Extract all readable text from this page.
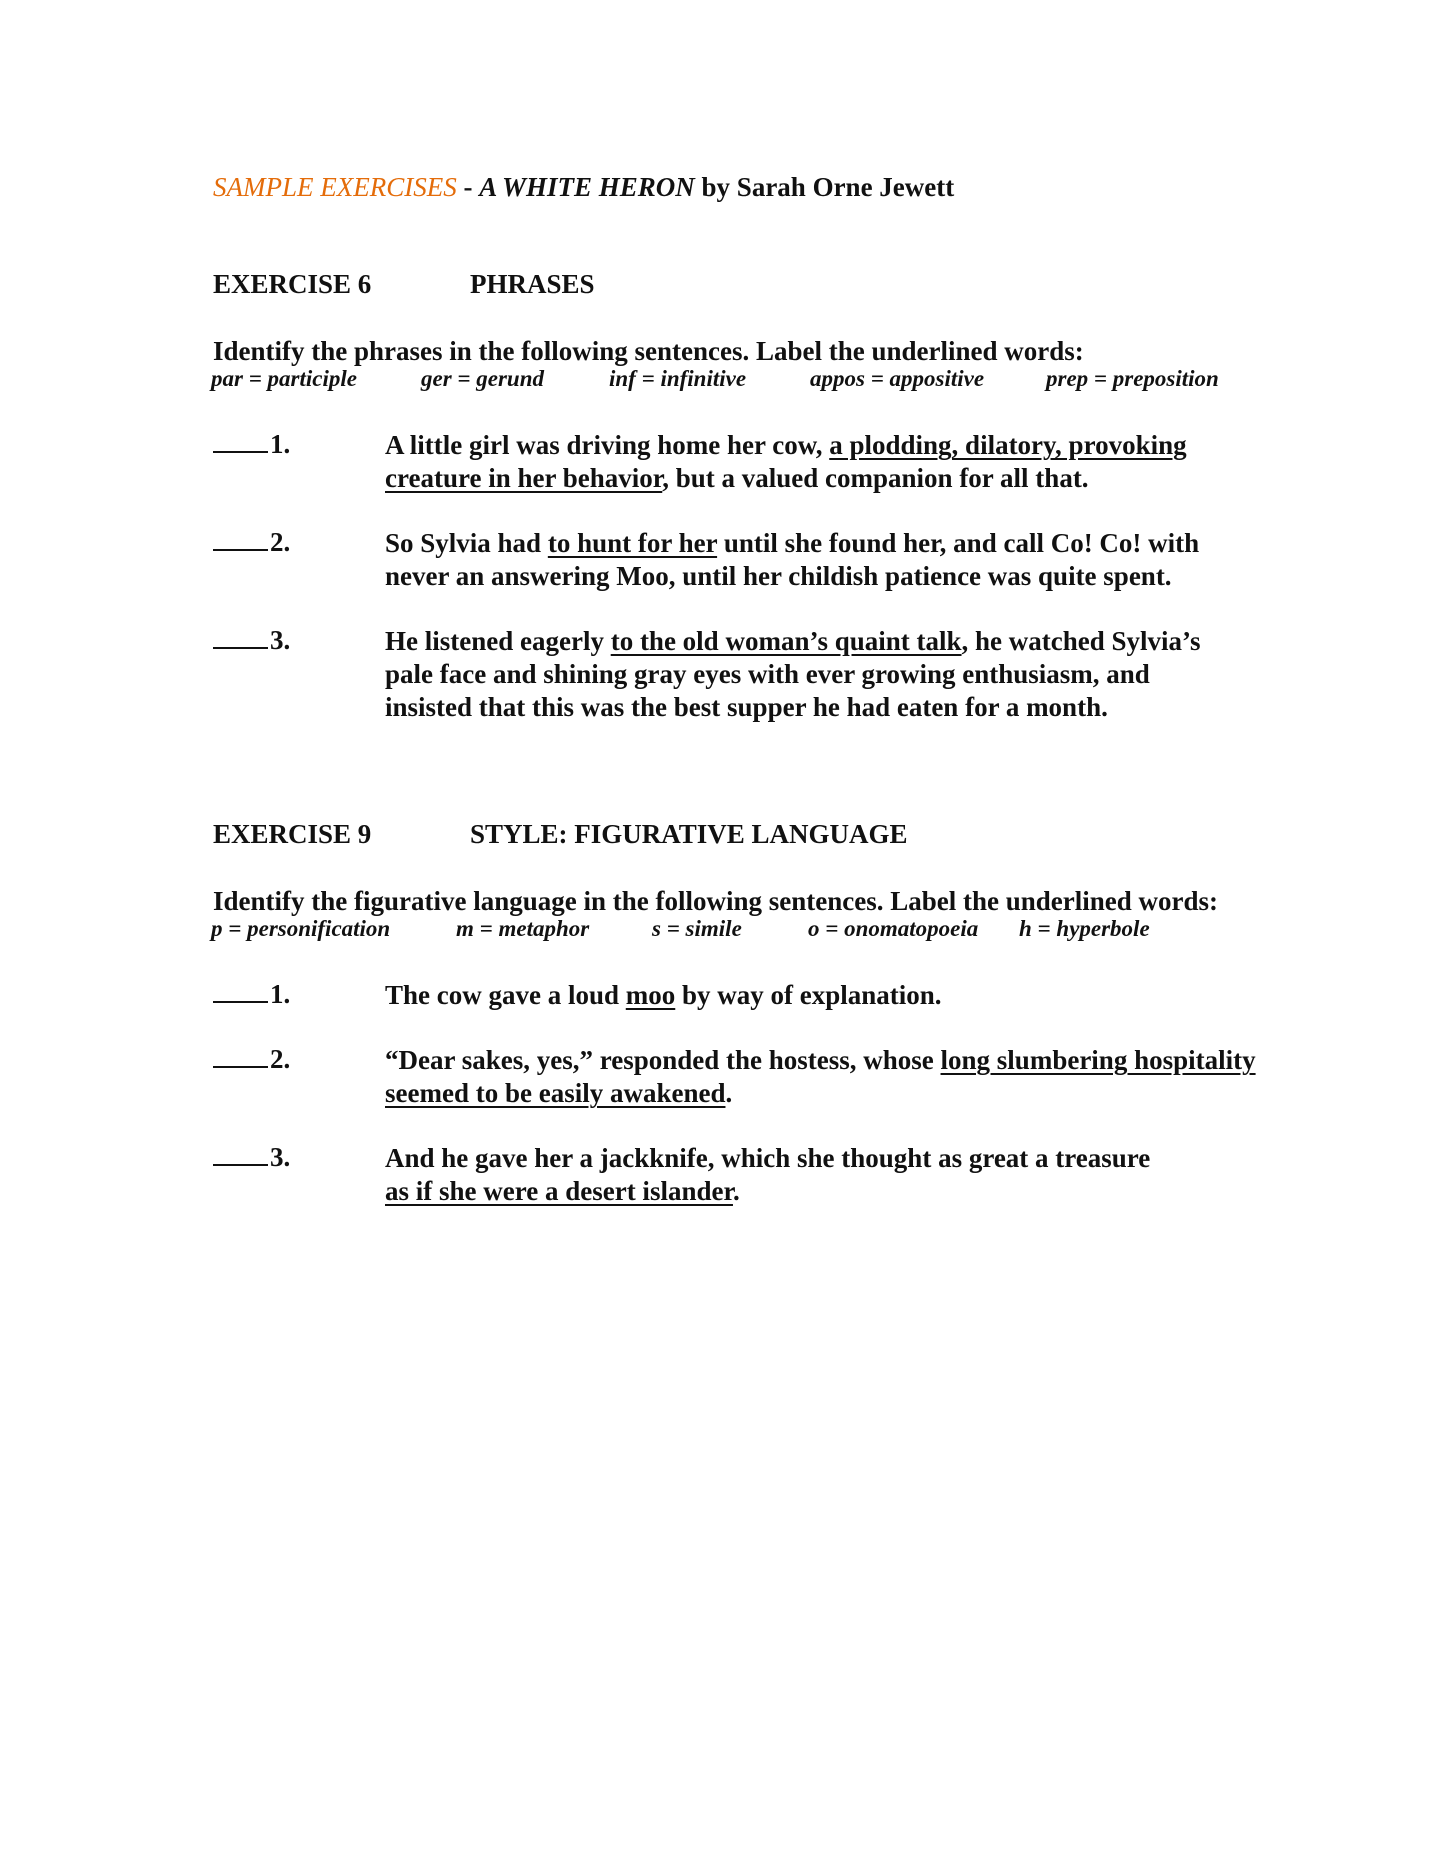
SAMPLE EXERCISES - A WHITE HERON by Sarah Orne Jewett
EXERCISE 6	PHRASES
Identify the phrases in the following sentences. Label the underlined words:
par = participle	ger = gerund	inf = infinitive	appos = appositive	prep = preposition
1.	A little girl was driving home her cow, a plodding, dilatory, provoking
creature in her behavior, but a valued companion for all that.
2.	So Sylvia had to hunt for her until she found her, and call Co! Co! with
never an answering Moo, until her childish patience was quite spent.
3.	He listened eagerly to the old woman’s quaint talk, he watched Sylvia’s
pale face and shining gray eyes with ever growing enthusiasm, and
insisted that this was the best supper he had eaten for a month.
EXERCISE 9	STYLE: FIGURATIVE LANGUAGE
Identify the figurative language in the following sentences. Label the underlined words:
p = personification	m = metaphor	s = simile	o = onomatopoeia h = hyperbole
1.	The cow gave a loud moo by way of explanation.
2.	“Dear sakes, yes,” responded the hostess, whose long slumbering hospitality
seemed to be easily awakened.
3.	And he gave her a jackknife, which she thought as great a treasure
as if she were a desert islander.
